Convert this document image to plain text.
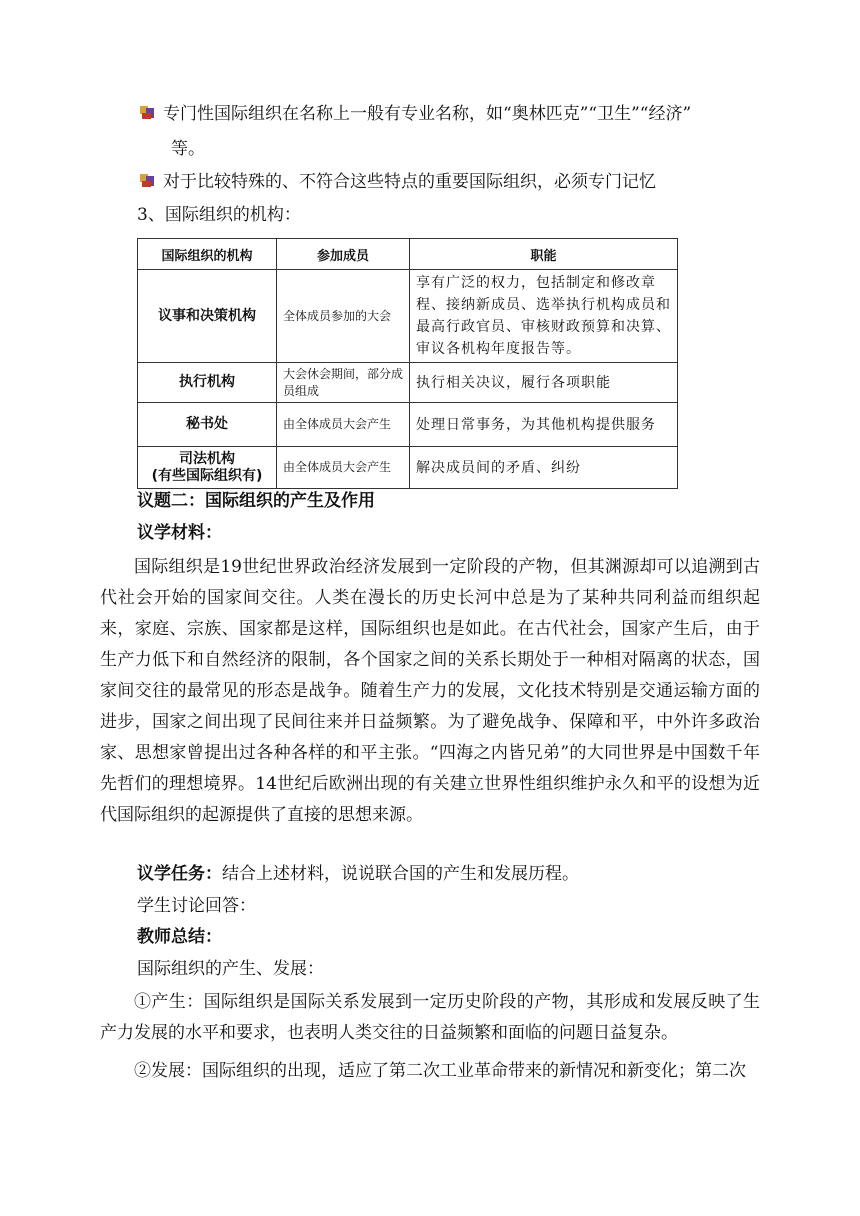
专门性国际组织在名称上一般有专业名称，如“奥林匹克”“卫生”“经济”
等。
对于比较特殊的、不符合这些特点的重要国际组织，必须专门记忆
3、国际组织的机构：
国际组织的机构	参加成员	职能
议事和决策机构	全体成员参加的大会	享有广泛的权力，包括制定和修改章程、接纳新成员、选举执行机构成员和最高行政官员、审核财政预算和决算、审议各机构年度报告等。
执行机构	大会休会期间，部分成员组成	执行相关决议，履行各项职能
秘书处	由全体成员大会产生	处理日常事务，为其他机构提供服务

司法机构
(有些国际组织有)	由全体成员大会产生	解决成员间的矛盾、纠纷
议题二：国际组织的产生及作用
议学材料：
国际组织是19世纪世界政治经济发展到一定阶段的产物，但其渊源却可以追溯到古代社会开始的国家间交往。人类在漫长的历史长河中总是为了某种共同利益而组织起来，家庭、宗族、国家都是这样，国际组织也是如此。在古代社会，国家产生后，由于生产力低下和自然经济的限制，各个国家之间的关系长期处于一种相对隔离的状态，国家间交往的最常见的形态是战争。随着生产力的发展，文化技术特别是交通运输方面的进步，国家之间出现了民间往来并日益频繁。为了避免战争、保障和平，中外许多政治家、思想家曾提出过各种各样的和平主张。“四海之内皆兄弟”的大同世界是中国数千年先哲们的理想境界。14世纪后欧洲出现的有关建立世界性组织维护永久和平的设想为近代国际组织的起源提供了直接的思想来源。
议学任务：结合上述材料，说说联合国的产生和发展历程。
学生讨论回答：
教师总结：
国际组织的产生、发展：
①产生：国际组织是国际关系发展到一定历史阶段的产物，其形成和发展反映了生产力发展的水平和要求，也表明人类交往的日益频繁和面临的问题日益复杂。
②发展：国际组织的出现，适应了第二次工业革命带来的新情况和新变化；第二次
